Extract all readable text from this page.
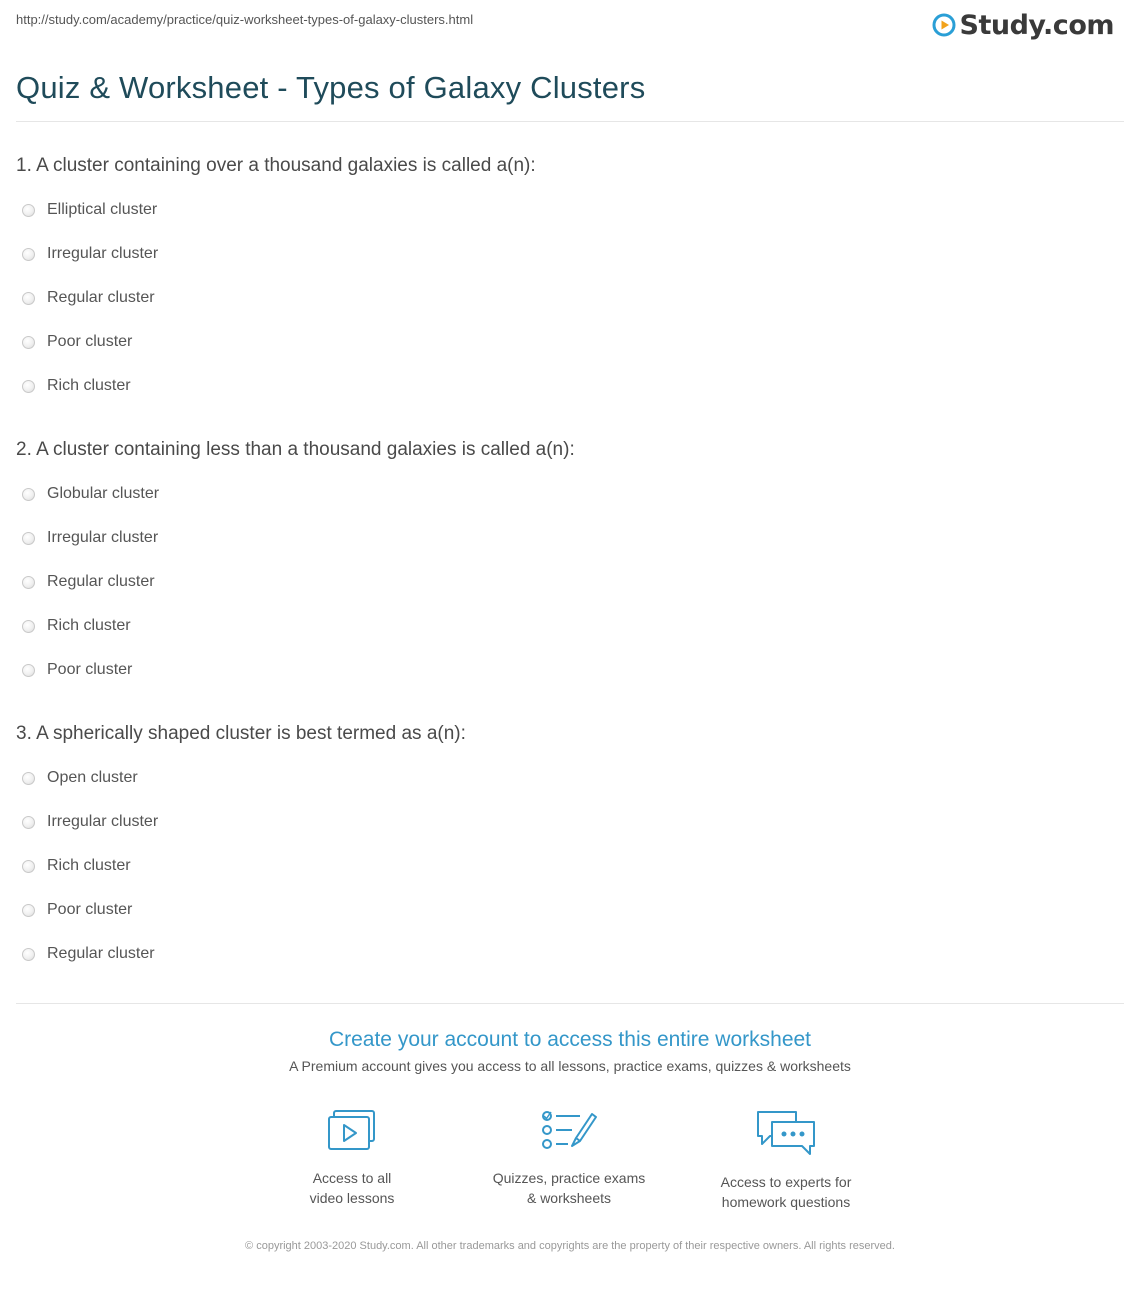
http://study.com/academy/practice/quiz-worksheet-types-of-galaxy-clusters.html	Study.com
Quiz & Worksheet - Types of Galaxy Clusters
1. A cluster containing over a thousand galaxies is called a(n):
Elliptical cluster
Irregular cluster
Regular cluster
Poor cluster
Rich cluster
2. A cluster containing less than a thousand galaxies is called a(n):
Globular cluster
Irregular cluster
Regular cluster
Rich cluster
Poor cluster
3. A spherically shaped cluster is best termed as a(n):
Open cluster
Irregular cluster
Rich cluster
Poor cluster
Regular cluster
Create your account to access this entire worksheet
A Premium account gives you access to all lessons, practice exams, quizzes & worksheets
Access to all
video lessons
Quizzes, practice exams
& worksheets
Access to experts for
homework questions
© copyright 2003-2020 Study.com. All other trademarks and copyrights are the property of their respective owners. All rights reserved.
